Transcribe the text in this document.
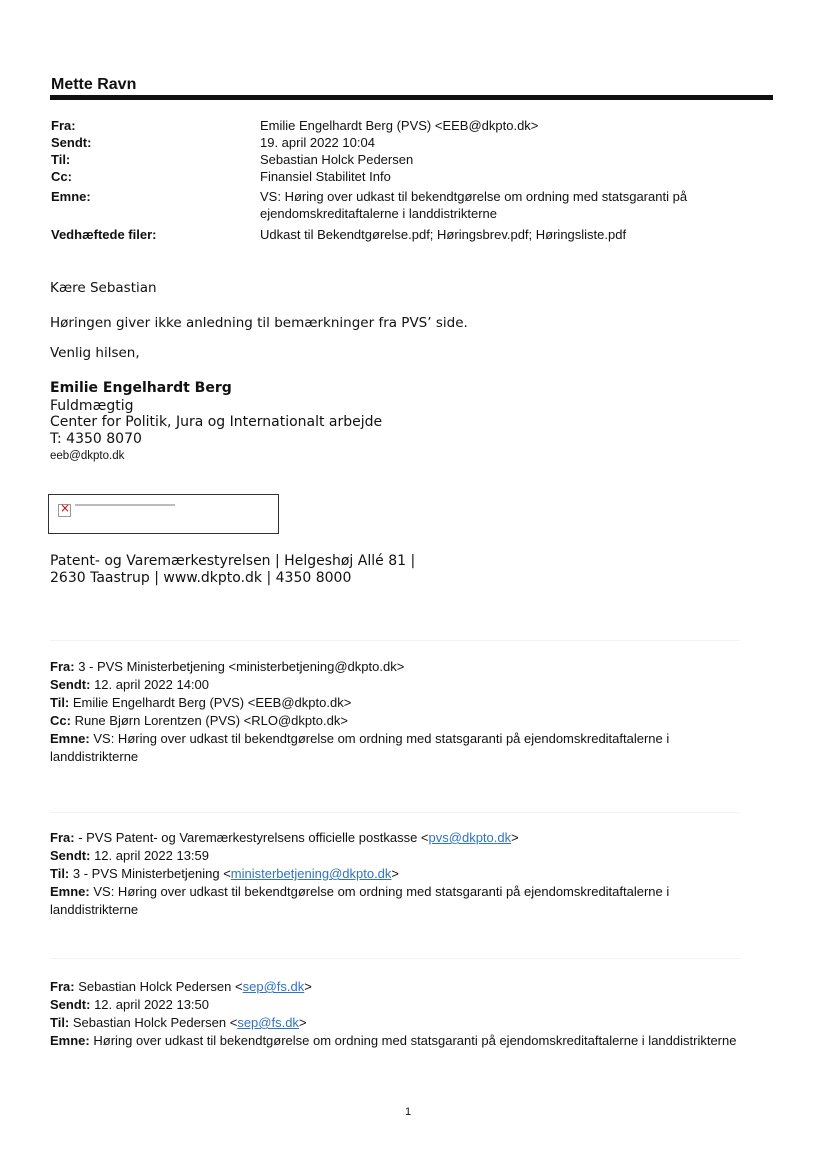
Mette Ravn
Fra:	Emilie Engelhardt Berg (PVS) <EEB@dkpto.dk>
Sendt:	19. april 2022 10:04
Til:	Sebastian Holck Pedersen
Cc:	Finansiel Stabilitet Info
Emne:	VS: Høring over udkast til bekendtgørelse om ordning med statsgaranti på ejendomskreditaftalerne i landdistrikterne
Vedhæftede filer:	Udkast til Bekendtgørelse.pdf; Høringsbrev.pdf; Høringsliste.pdf
Kære Sebastian
Høringen giver ikke anledning til bemærkninger fra PVS’ side.
Venlig hilsen,
Emilie Engelhardt Berg
Fuldmægtig
Center for Politik, Jura og Internationalt arbejde
T: 4350 8070
eeb@dkpto.dk
×
Patent- og Varemærkestyrelsen | Helgeshøj Allé 81 |
2630 Taastrup | www.dkpto.dk | 4350 8000
Fra: 3 - PVS Ministerbetjening <ministerbetjening@dkpto.dk>
Sendt: 12. april 2022 14:00
Til: Emilie Engelhardt Berg (PVS) <EEB@dkpto.dk>
Cc: Rune Bjørn Lorentzen (PVS) <RLO@dkpto.dk>
Emne: VS: Høring over udkast til bekendtgørelse om ordning med statsgaranti på ejendomskreditaftalerne i landdistrikterne
Fra: - PVS Patent- og Varemærkestyrelsens officielle postkasse <pvs@dkpto.dk>
Sendt: 12. april 2022 13:59
Til: 3 - PVS Ministerbetjening <ministerbetjening@dkpto.dk>
Emne: VS: Høring over udkast til bekendtgørelse om ordning med statsgaranti på ejendomskreditaftalerne i landdistrikterne
Fra: Sebastian Holck Pedersen <sep@fs.dk>
Sendt: 12. april 2022 13:50
Til: Sebastian Holck Pedersen <sep@fs.dk>
Emne: Høring over udkast til bekendtgørelse om ordning med statsgaranti på ejendomskreditaftalerne i landdistrikterne
1
